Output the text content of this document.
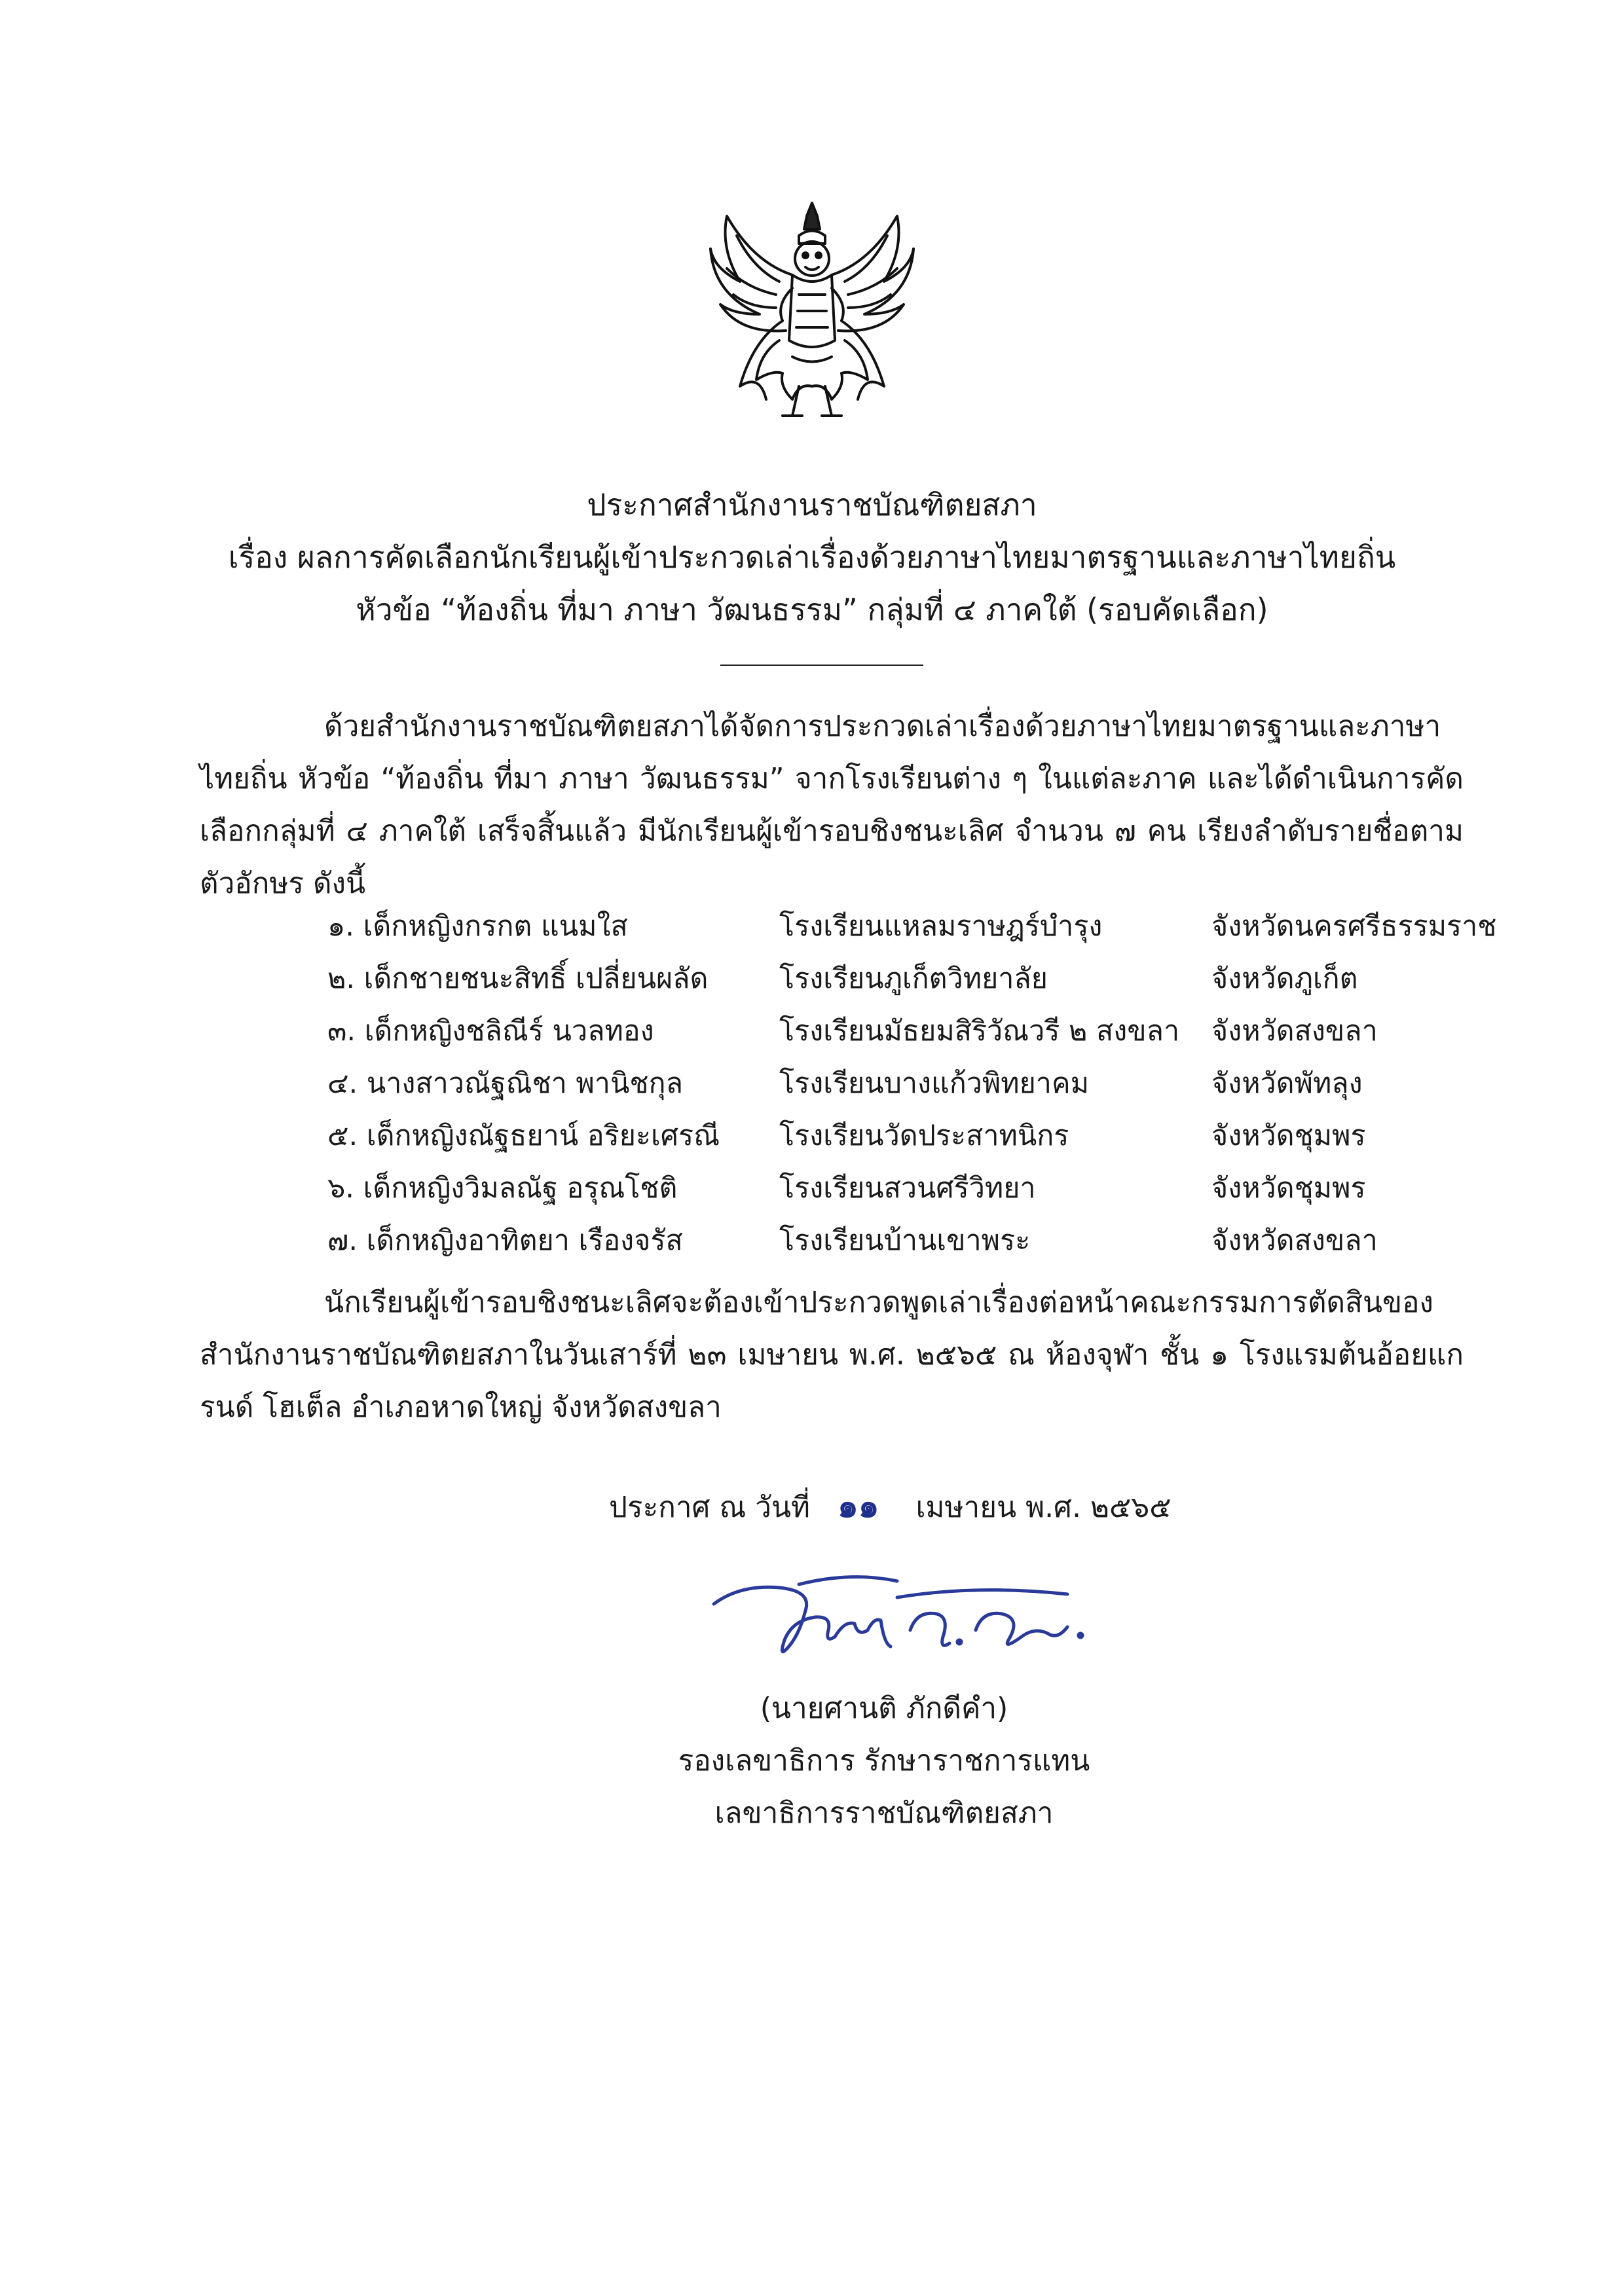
ประกาศสำนักงานราชบัณฑิตยสภา
เรื่อง ผลการคัดเลือกนักเรียนผู้เข้าประกวดเล่าเรื่องด้วยภาษาไทยมาตรฐานและภาษาไทยถิ่น
หัวข้อ “ท้องถิ่น ที่มา ภาษา วัฒนธรรม” กลุ่มที่ ๔ ภาคใต้ (รอบคัดเลือก)
ด้วยสำนักงานราชบัณฑิตยสภาได้จัดการประกวดเล่าเรื่องด้วยภาษาไทยมาตรฐานและภาษาไทยถิ่น หัวข้อ “ท้องถิ่น ที่มา ภาษา วัฒนธรรม” จากโรงเรียนต่าง ๆ ในแต่ละภาค และได้ดำเนินการคัดเลือกกลุ่มที่ ๔ ภาคใต้ เสร็จสิ้นแล้ว มีนักเรียนผู้เข้ารอบชิงชนะเลิศ จำนวน ๗ คน เรียงลำดับรายชื่อตามตัวอักษร ดังนี้
๑. เด็กหญิงกรกต แนมใส	โรงเรียนแหลมราษฎร์บำรุง	จังหวัดนครศรีธรรมราช
๒. เด็กชายชนะสิทธิ์ เปลี่ยนผลัด	โรงเรียนภูเก็ตวิทยาลัย	จังหวัดภูเก็ต
๓. เด็กหญิงชลิณีร์ นวลทอง	โรงเรียนมัธยมสิริวัณวรี ๒ สงขลา จังหวัดสงขลา
๔. นางสาวณัฐณิชา พานิชกุล	โรงเรียนบางแก้วพิทยาคม	จังหวัดพัทลุง
๕. เด็กหญิงณัฐธยาน์ อริยะเศรณี โรงเรียนวัดประสาทนิกร	จังหวัดชุมพร
๖. เด็กหญิงวิมลณัฐ อรุณโชติ	โรงเรียนสวนศรีวิทยา	จังหวัดชุมพร
๗. เด็กหญิงอาทิตยา เรืองจรัส	โรงเรียนบ้านเขาพระ	จังหวัดสงขลา
นักเรียนผู้เข้ารอบชิงชนะเลิศจะต้องเข้าประกวดพูดเล่าเรื่องต่อหน้าคณะกรรมการตัดสินของสำนักงานราชบัณฑิตยสภาในวันเสาร์ที่ ๒๓ เมษายน พ.ศ. ๒๕๖๕ ณ ห้องจุฬา ชั้น ๑ โรงแรมต้นอ้อยแกรนด์ โฮเต็ล อำเภอหาดใหญ่ จังหวัดสงขลา
ประกาศ ณ วันที่ ๑๑ เมษายน พ.ศ. ๒๕๖๕
(นายศานติ ภักดีคำ)
รองเลขาธิการ รักษาราชการแทน
เลขาธิการราชบัณฑิตยสภา
